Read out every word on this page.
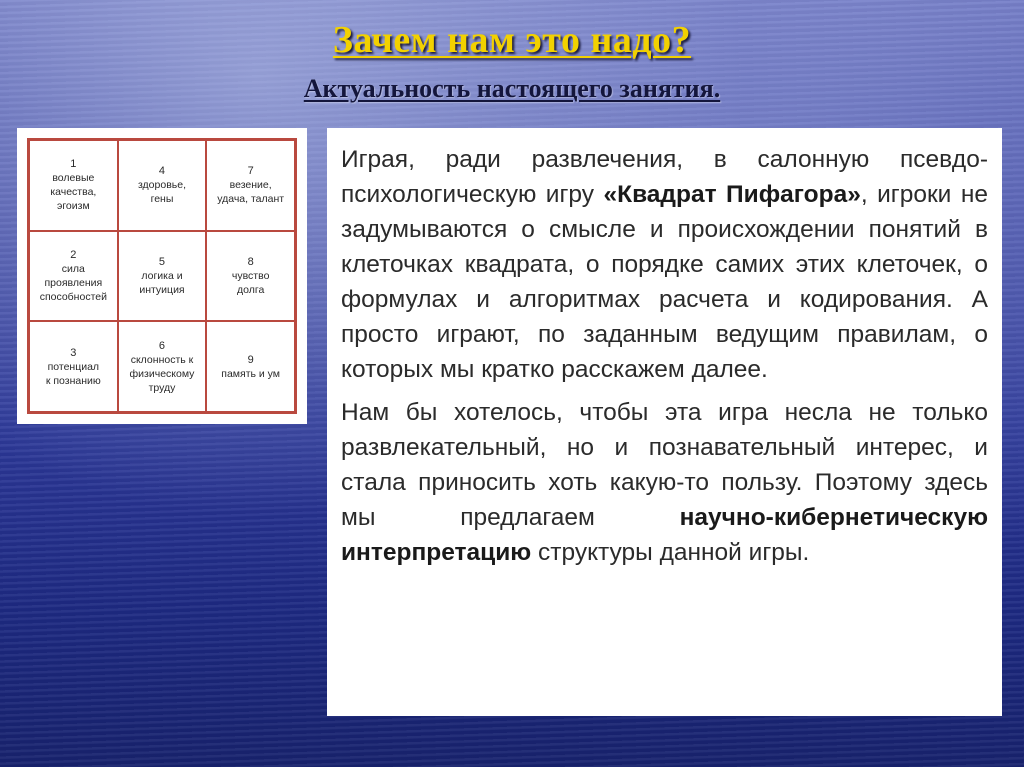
Зачем нам это надо?
Актуальность настоящего занятия.
1
волевые
качества,
эгоизм
4
здоровье,
гены
7
везение,
удача, талант
2
сила
проявления
способностей
5
логика и
интуиция
8
чувство
долга
3
потенциал
к познанию
6
склонность к
физическому
труду
9
память и ум

Играя, ради развлечения, в салонную псевдо-психологическую игру «Квадрат Пифагора», игроки не задумываются о смысле и происхождении понятий в клеточках квадрата, о порядке самих этих клеточек, о формулах и алгоритмах расчета и кодирования. А просто играют, по заданным ведущим правилам, о которых мы кратко расскажем далее.

Нам бы хотелось, чтобы эта игра несла не только развлекательный, но и познавательный интерес, и стала приносить хоть какую-то пользу. Поэтому здесь мы предлагаем научно-кибернетическую интерпретацию структуры данной игры.
